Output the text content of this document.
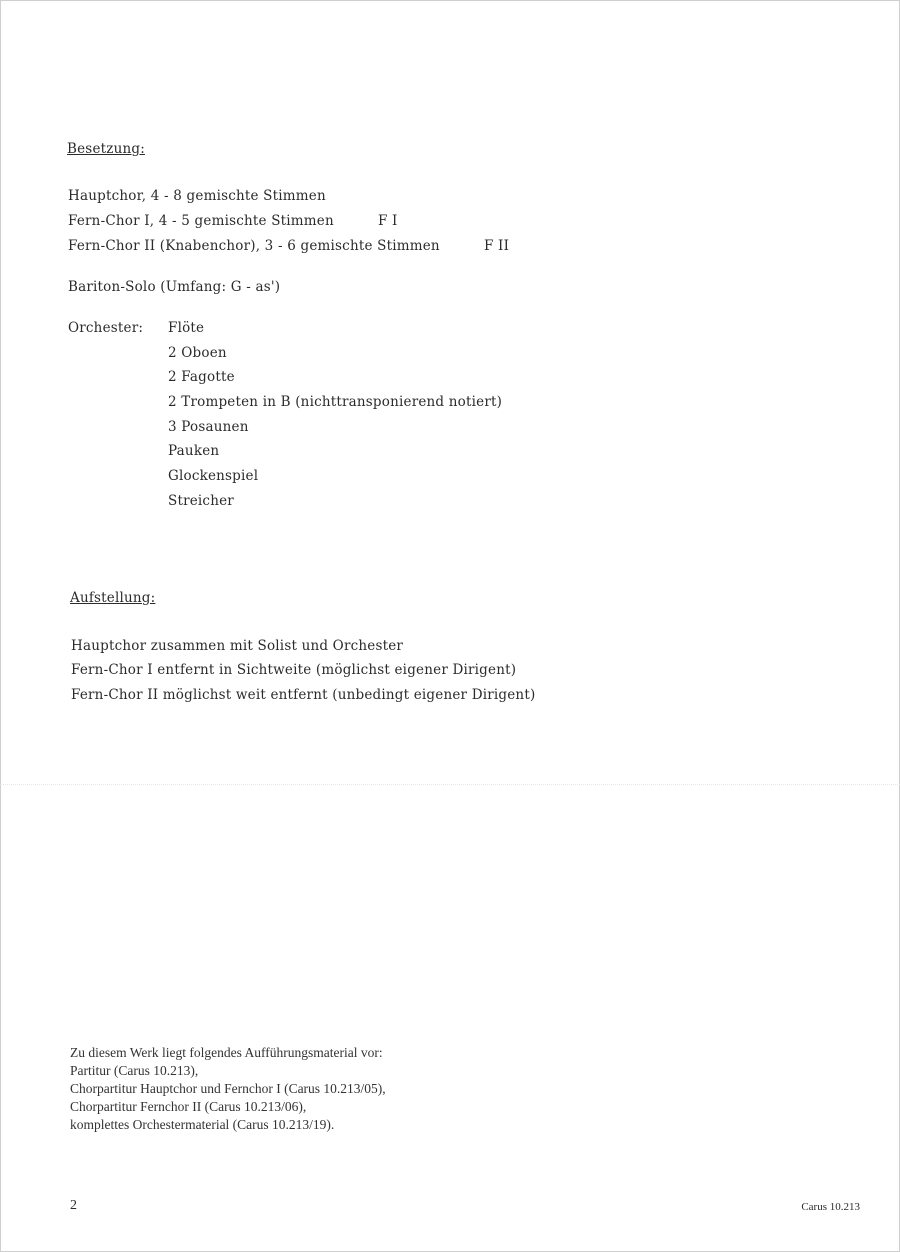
Besetzung:
Hauptchor, 4 - 8 gemischte Stimmen
Fern-Chor I, 4 - 5 gemischte Stimmen	F I
Fern-Chor II (Knabenchor), 3 - 6 gemischte Stimmen	F II
Bariton-Solo (Umfang: G - as')
Orchester: Flöte
2 Oboen
2 Fagotte
2 Trompeten in B (nichttransponierend notiert)
3 Posaunen
Pauken
Glockenspiel
Streicher
Aufstellung:
Hauptchor zusammen mit Solist und Orchester
Fern-Chor I entfernt in Sichtweite (möglichst eigener Dirigent)
Fern-Chor II möglichst weit entfernt (unbedingt eigener Dirigent)
Zu diesem Werk liegt folgendes Aufführungsmaterial vor:
Partitur (Carus 10.213),
Chorpartitur Hauptchor und Fernchor I (Carus 10.213/05),
Chorpartitur Fernchor II (Carus 10.213/06),
komplettes Orchestermaterial (Carus 10.213/19).
2	Carus 10.213
